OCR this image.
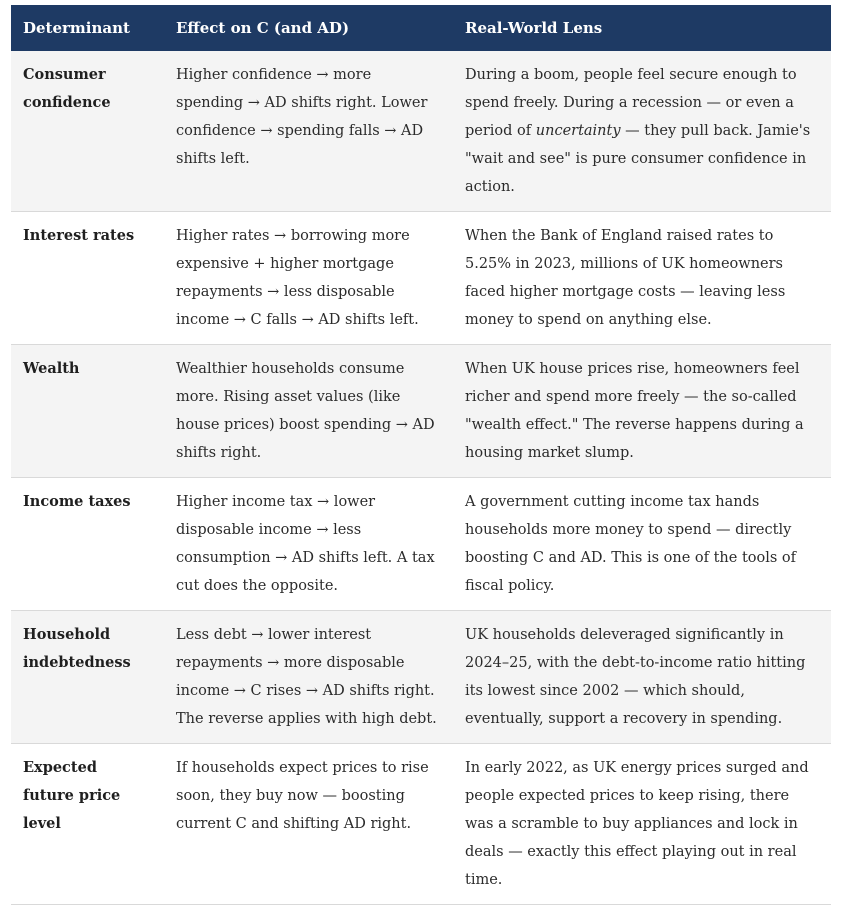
Determinant	Effect on C (and AD)	Real-World Lens
Consumer confidence	Higher confidence → more spending → AD shifts right. Lower confidence → spending falls → AD shifts left.	During a boom, people feel secure enough to spend freely. During a recession — or even a period of uncertainty — they pull back. Jamie's "wait and see" is pure consumer confidence in action.
Interest rates	Higher rates → borrowing more expensive + higher mortgage repayments → less disposable income → C falls → AD shifts left.	When the Bank of England raised rates to 5.25% in 2023, millions of UK homeowners faced higher mortgage costs — leaving less money to spend on anything else.
Wealth	Wealthier households consume more. Rising asset values (like house prices) boost spending → AD shifts right.	When UK house prices rise, homeowners feel richer and spend more freely — the so-called "wealth effect." The reverse happens during a housing market slump.
Income taxes	Higher income tax → lower disposable income → less consumption → AD shifts left. A tax cut does the opposite.	A government cutting income tax hands households more money to spend — directly boosting C and AD. This is one of the tools of fiscal policy.
Household indebtedness	Less debt → lower interest repayments → more disposable income → C rises → AD shifts right. The reverse applies with high debt.	UK households deleveraged significantly in 2024–25, with the debt-to-income ratio hitting its lowest since 2002 — which should, eventually, support a recovery in spending.
Expected future price level	If households expect prices to rise soon, they buy now — boosting current C and shifting AD right.	In early 2022, as UK energy prices surged and people expected prices to keep rising, there was a scramble to buy appliances and lock in deals — exactly this effect playing out in real time.
